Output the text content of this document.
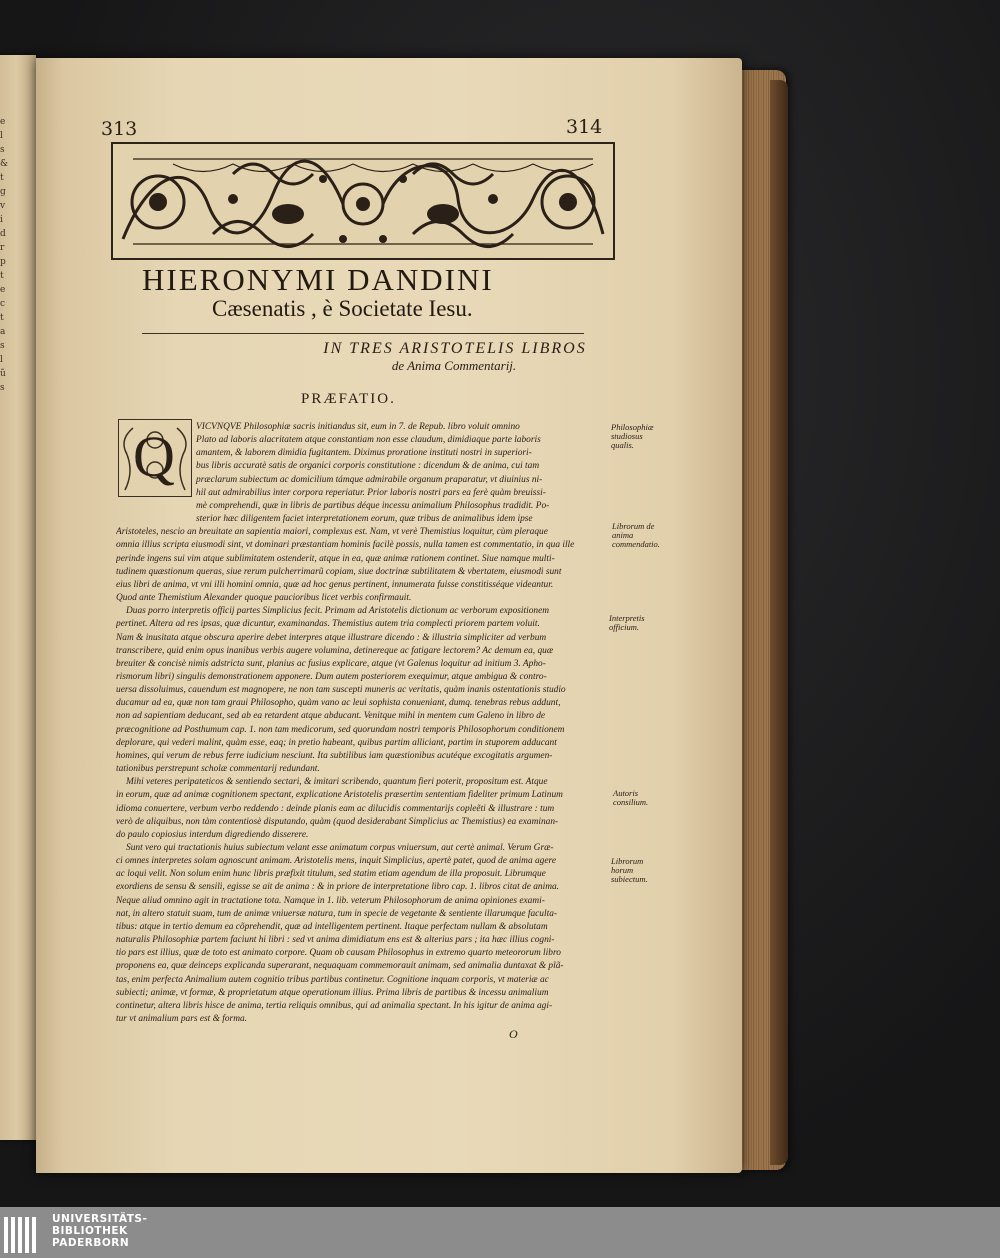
e
l
s
&
t
g
v
i
d
r
p
t
e
c
t
a
s
l
ũ
s
313	314
HIERONYMI DANDINI
Cæsenatis , è Societate Iesu.
IN TRES ARISTOTELIS LIBROS
de Anima Commentarij.
PRÆFATIO.
VICVNQVE Philosophiæ sacris initiandus sit, eum in 7. de Repub. libro voluit omnino
Plato ad laboris alacritatem atque constantiam non esse claudum, dimidiaque parte laboris
amantem, & laborem dimidia fugitantem. Diximus proratione instituti nostri in superiori-
bus libris accuratè satis de organici corporis constitutione : dicendum & de anima, cui tam
præclarum subiectum ac domicilium támque admirabile organum praparatur, vt diuinius ni-
hil aut admirabilius inter corpora reperiatur. Prior laboris nostri pars ea ferè quàm breuissi-
mè comprehendi, quæ in libris de partibus déque incessu animalium Philosophus tradidit. Po-
sterior hæc diligentem faciet interpretationem eorum, quæ tribus de animalibus idem ipse
Aristoteles, nescio an breuitate an sapientia maiori, complexus est. Nam, vt verè Themistius loquitur, cùm pleraque
omnia illius scripta eiusmodi sint, vt dominari præstantiam hominis facilè possis, nulla tamen est commentatio, in qua ille
perinde ingens sui vim atque sublimitatem ostenderit, atque in ea, quæ animæ rationem continet. Siue namque multi-
tudinem quæstionum queras, siue rerum pulcherrimarũ copiam, siue doctrinæ subtilitatem & vbertatem, eiusmodi sunt
eius libri de anima, vt vni illi homini omnia, quæ ad hoc genus pertinent, innumerata fuisse constitisséque videantur.
Quod ante Themistium Alexander quoque paucioribus licet verbis confirmauit.
Duas porro interpretis officij partes Simplicius fecit. Primam ad Aristotelis dictionum ac verborum expositionem
pertinet. Altera ad res ipsas, quæ dicuntur, examinandas. Themistius autem tria complecti priorem partem voluit.
Nam & inusitata atque obscura aperire debet interpres atque illustrare dicendo : & illustria simpliciter ad verbum
transcribere, quid enim opus inanibus verbis augere volumina, detinereque ac fatigare lectorem? Ac demum ea, quæ
breuiter & concisè nimis adstricta sunt, planius ac fusius explicare, atque (vt Galenus loquitur ad initium 3. Apho-
rismorum libri) singulis demonstrationem apponere. Dum autem posteriorem exequimur, atque ambigua & contro-
uersa dissoluimus, cauendum est magnopere, ne non tam suscepti muneris ac veritatis, quàm inanis ostentationis studio
ducamur ad ea, quæ non tam graui Philosopho, quàm vano ac leui sophista conueniant, dumq. tenebras rebus addunt,
non ad sapientiam deducant, sed ab ea retardent atque abducant. Venitque mihi in mentem cum Galeno in libro de
præcognitione ad Posthumum cap. 1. non tam medicorum, sed quorundam nostri temporis Philosophorum conditionem
deplorare, qui vederi malint, quàm esse, eaq; in pretio habeant, quibus partim alliciant, partim in stuporem adducant
homines, qui verum de rebus ferre iudicium nesciunt. Ita subtilibus iam quæstionibus acutéque excogitatis argumen-
tationibus perstrepunt scholæ commentarij redundant.
Mihi veteres peripateticos & sentiendo sectari, & imitari scribendo, quantum fieri poterit, propositum est. Atque
in eorum, quæ ad animæ cognitionem spectant, explicatione Aristotelis præsertim sententiam fideliter primum Latinum
idioma conuertere, verbum verbo reddendo : deinde planis eam ac dilucidis commentarijs copleẽti & illustrare : tum
verò de aliquibus, non tàm contentiosè disputando, quàm (quod desiderabant Simplicius ac Themistius) ea examinan-
do paulo copiosius interdum digrediendo disserere.
Sunt vero qui tractationis huius subiectum velant esse animatum corpus vniuersum, aut certè animal. Verum Græ-
ci omnes interpretes solam agnoscunt animam. Aristotelis mens, inquit Simplicius, apertè patet, quod de anima agere
ac loqui velit. Non solum enim hunc libris præfixit titulum, sed statim etiam agendum de illa proposuit. Librumque
exordiens de sensu & sensili, egisse se ait de anima : & in priore de interpretatione libro cap. 1. libros citat de anima.
Neque aliud omnino agit in tractatione tota. Namque in 1. lib. veterum Philosophorum de anima opiniones exami-
nat, in altero statuit suam, tum de animæ vniuersæ natura, tum in specie de vegetante & sentiente illarumque faculta-
tibus: atque in tertio demum ea cõprehendit, quæ ad intelligentem pertinent. Itaque perfectam nullam & absolutam
naturalis Philosophiæ partem faciunt hi libri : sed vt anima dimidiatum ens est & alterius pars ; ita hæc illius cogni-
tio pars est illius, quæ de toto est animato corpore. Quam ob causam Philosophus in extremo quarto meteororum libro
proponens ea, quæ deinceps explicanda superarant, nequaquam commemorauit animam, sed animalia duntaxat & plã-
tas, enim perfecta Animalium autem cognitio tribus partibus continetur. Cognitione inquam corporis, vt materiæ ac
subiecti; animæ, vt formæ, & proprietatum atque operationum illius. Prima libris de partibus & incessu animalium
continetur, altera libris hisce de anima, tertia reliquis omnibus, qui ad animalia spectant. In his igitur de anima agi-
tur vt animalium pars est & forma.
Q	Philosophiæ studiosus qualis.
Librorum de anima commendatio.
Interpretis officium.
Autoris consilium.
Librorum horum subiectum.
O
UNIVERSITÄTS-
BIBLIOTHEK
PADERBORN
